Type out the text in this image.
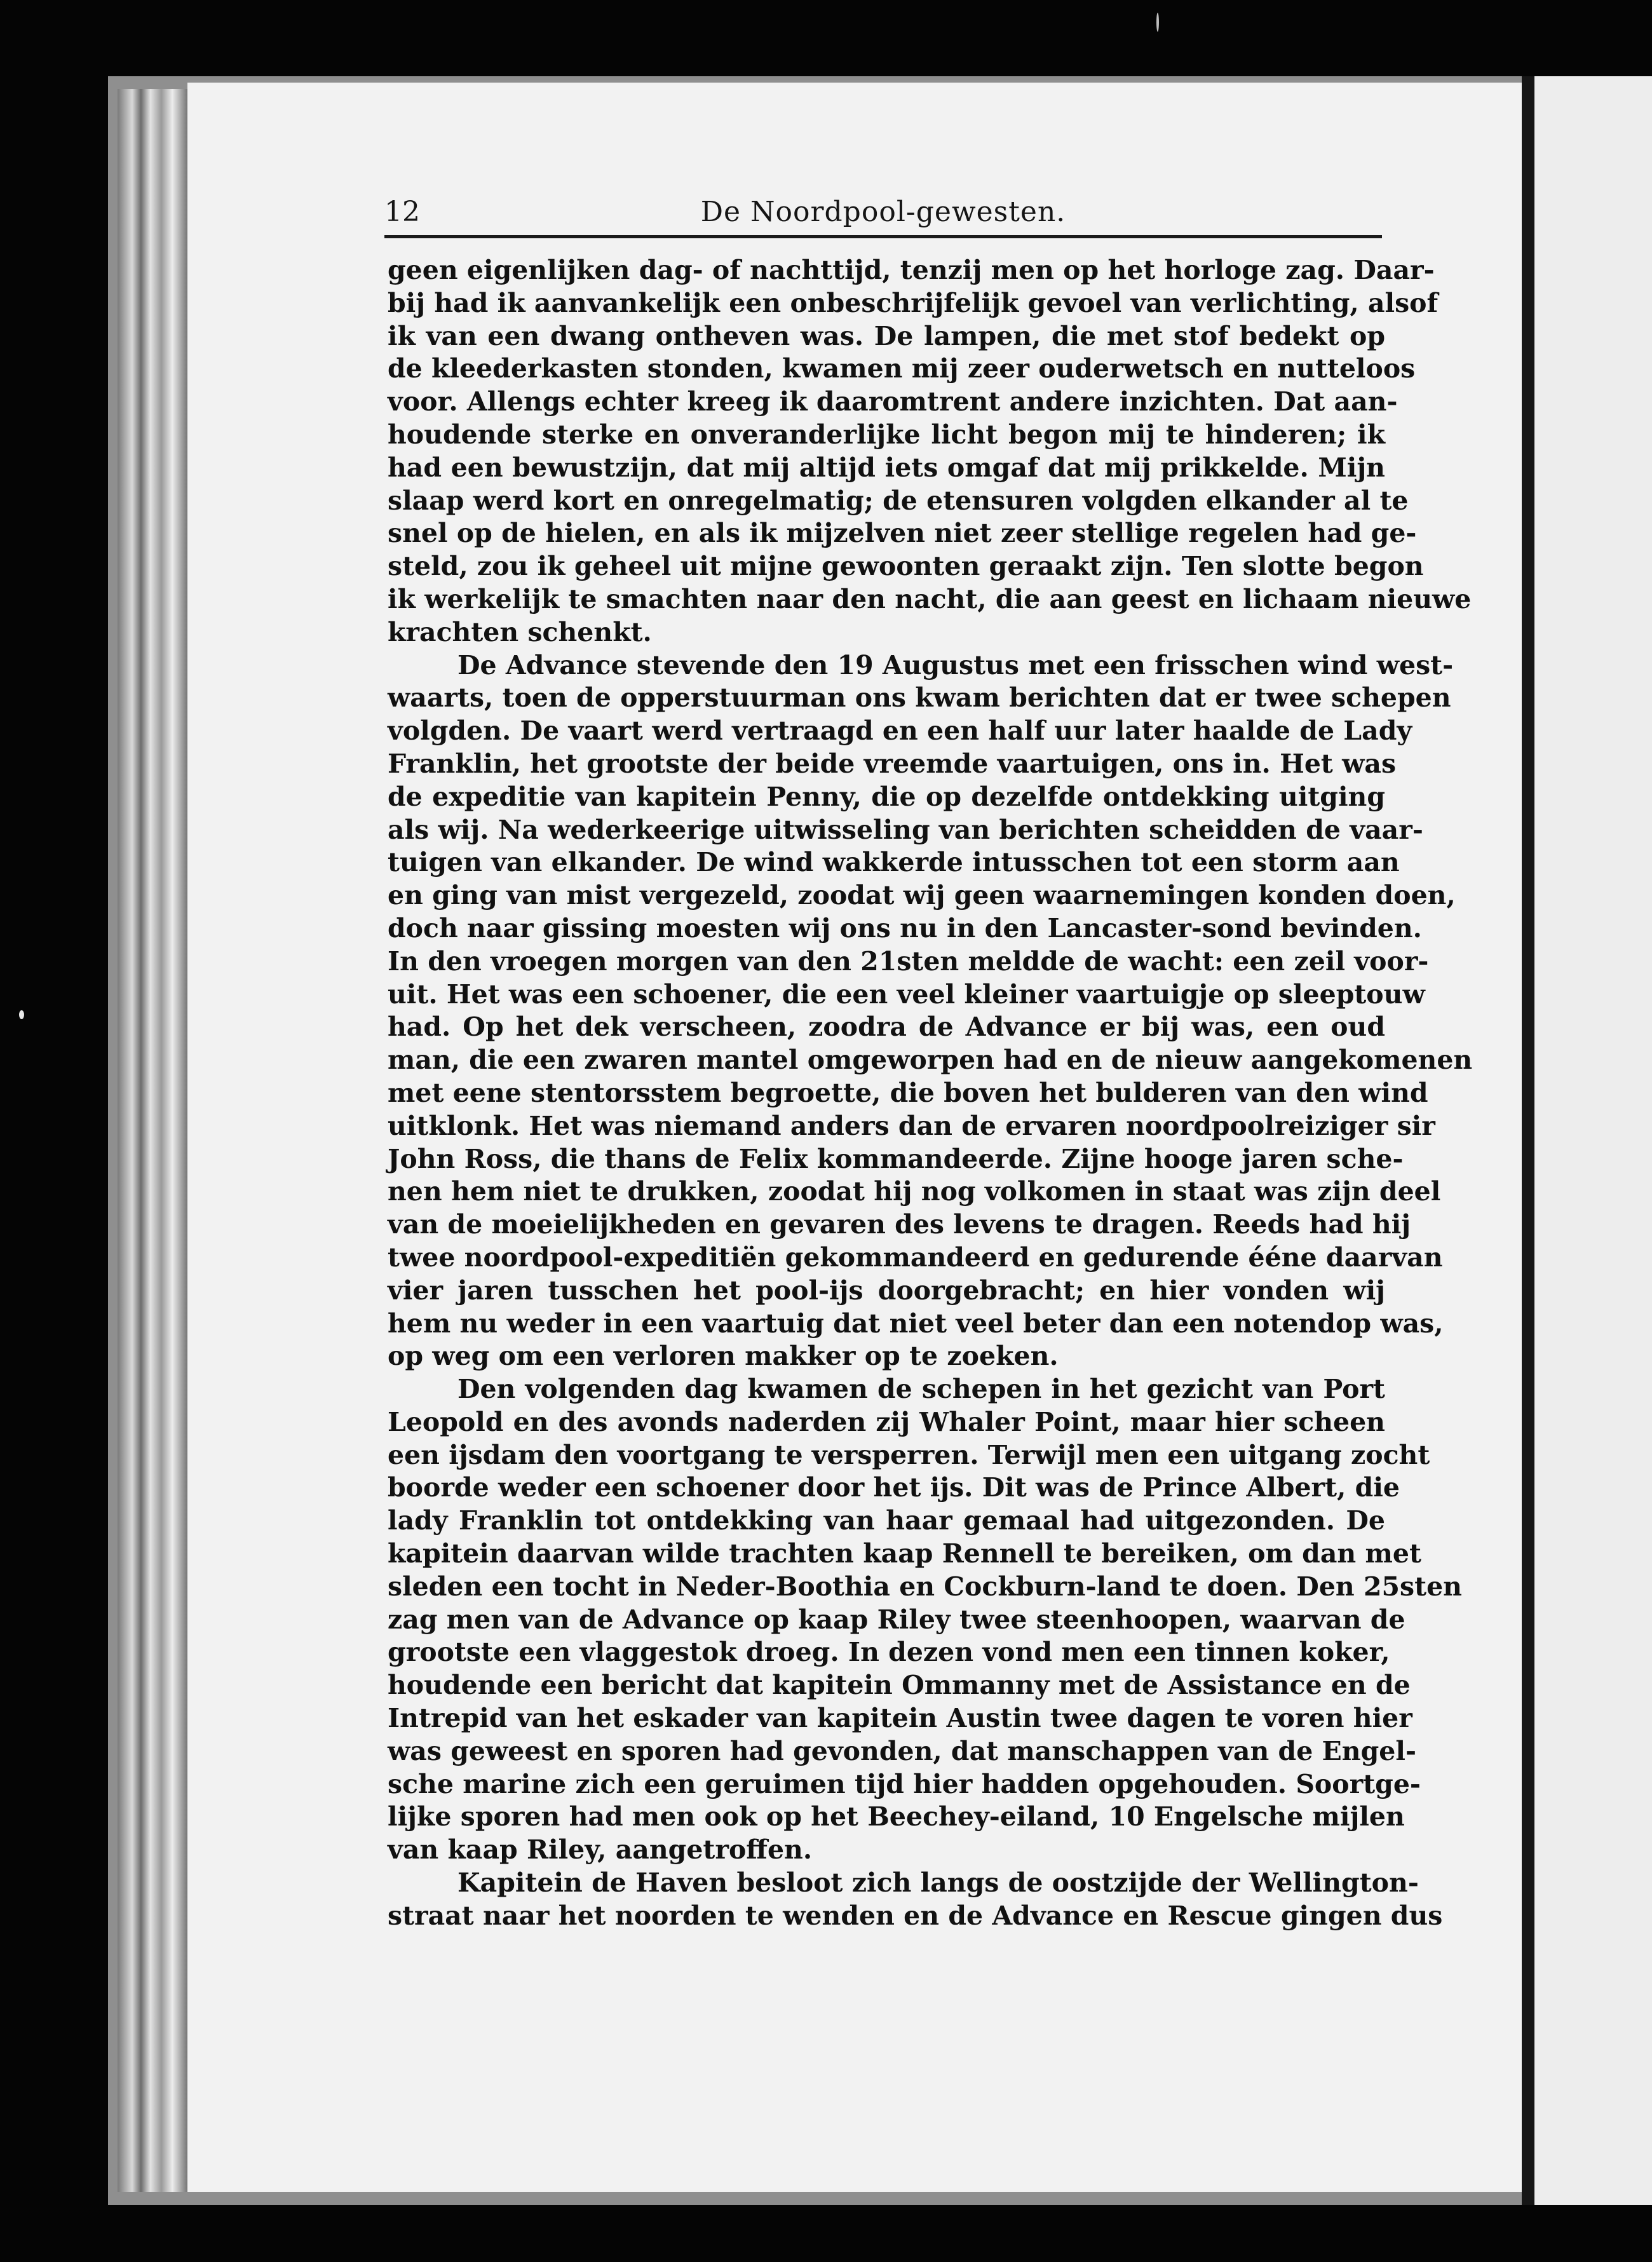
12	De Noordpool-gewesten.

geen eigenlijken dag- of nachttijd, tenzij men op het horloge zag. Daar-
bij had ik aanvankelijk een onbeschrijfelijk gevoel van verlichting, alsof
ik van een dwang ontheven was. De lampen, die met stof bedekt op
de kleederkasten stonden, kwamen mij zeer ouderwetsch en nutteloos
voor. Allengs echter kreeg ik daaromtrent andere inzichten. Dat aan-
houdende sterke en onveranderlijke licht begon mij te hinderen; ik
had een bewustzijn, dat mij altijd iets omgaf dat mij prikkelde. Mijn
slaap werd kort en onregelmatig; de etensuren volgden elkander al te
snel op de hielen, en als ik mijzelven niet zeer stellige regelen had ge-
steld, zou ik geheel uit mijne gewoonten geraakt zijn. Ten slotte begon
ik werkelijk te smachten naar den nacht, die aan geest en lichaam nieuwe
krachten schenkt.

De Advance stevende den 19 Augustus met een frisschen wind west-
waarts, toen de opperstuurman ons kwam berichten dat er twee schepen
volgden. De vaart werd vertraagd en een half uur later haalde de Lady
Franklin, het grootste der beide vreemde vaartuigen, ons in. Het was
de expeditie van kapitein Penny, die op dezelfde ontdekking uitging
als wij. Na wederkeerige uitwisseling van berichten scheidden de vaar-
tuigen van elkander. De wind wakkerde intusschen tot een storm aan
en ging van mist vergezeld, zoodat wij geen waarnemingen konden doen,
doch naar gissing moesten wij ons nu in den Lancaster-sond bevinden.
In den vroegen morgen van den 21sten meldde de wacht: een zeil voor-
uit. Het was een schoener, die een veel kleiner vaartuigje op sleeptouw
had. Op het dek verscheen, zoodra de Advance er bij was, een oud
man, die een zwaren mantel omgeworpen had en de nieuw aangekomenen
met eene stentorsstem begroette, die boven het bulderen van den wind
uitklonk. Het was niemand anders dan de ervaren noordpoolreiziger sir
John Ross, die thans de Felix kommandeerde. Zijne hooge jaren sche-
nen hem niet te drukken, zoodat hij nog volkomen in staat was zijn deel
van de moeielijkheden en gevaren des levens te dragen. Reeds had hij
twee noordpool-expeditiën gekommandeerd en gedurende ééne daarvan
vier jaren tusschen het pool-ijs doorgebracht; en hier vonden wij
hem nu weder in een vaartuig dat niet veel beter dan een notendop was,
op weg om een verloren makker op te zoeken.

Den volgenden dag kwamen de schepen in het gezicht van Port
Leopold en des avonds naderden zij Whaler Point, maar hier scheen
een ijsdam den voortgang te versperren. Terwijl men een uitgang zocht
boorde weder een schoener door het ijs. Dit was de Prince Albert, die
lady Franklin tot ontdekking van haar gemaal had uitgezonden. De
kapitein daarvan wilde trachten kaap Rennell te bereiken, om dan met
sleden een tocht in Neder-Boothia en Cockburn-land te doen. Den 25sten
zag men van de Advance op kaap Riley twee steenhoopen, waarvan de
grootste een vlaggestok droeg. In dezen vond men een tinnen koker,
houdende een bericht dat kapitein Ommanny met de Assistance en de
Intrepid van het eskader van kapitein Austin twee dagen te voren hier
was geweest en sporen had gevonden, dat manschappen van de Engel-
sche marine zich een geruimen tijd hier hadden opgehouden. Soortge-
lijke sporen had men ook op het Beechey-eiland, 10 Engelsche mijlen
van kaap Riley, aangetroffen.

Kapitein de Haven besloot zich langs de oostzijde der Wellington-
straat naar het noorden te wenden en de Advance en Rescue gingen dus
